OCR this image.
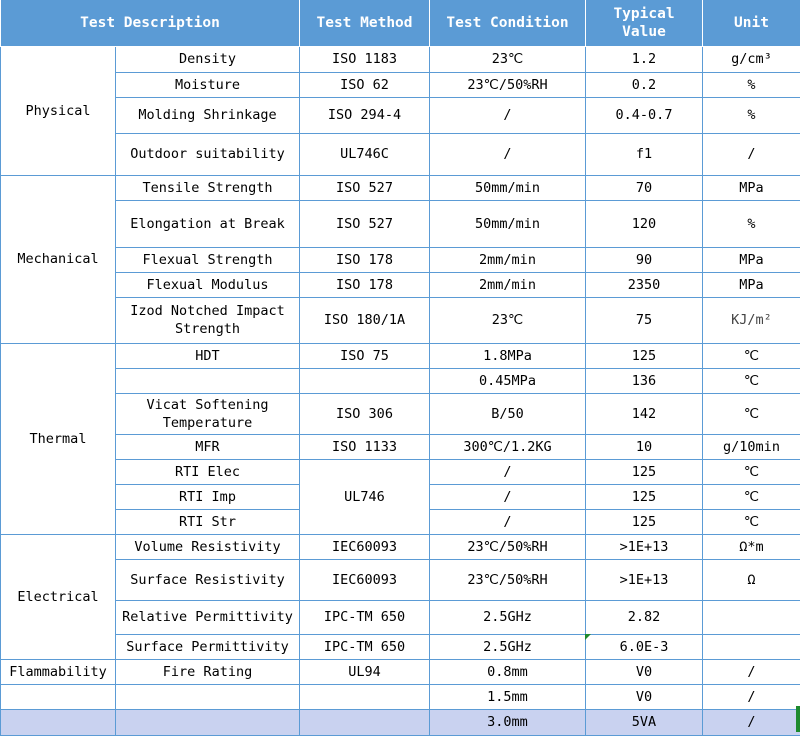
Test Description		Test Method	Test Condition	Typical Value	Unit
Physical	Density	ISO 1183	23℃	1.2	g/cm³
	Moisture	ISO 62	23℃/50%RH	0.2	%
	Molding Shrinkage	ISO 294-4	/	0.4-0.7	%
	Outdoor suitability	UL746C	/	f1	/
Mechanical	Tensile Strength	ISO 527	50mm/min	70	MPa
	Elongation at Break	ISO 527	50mm/min	120	%
	Flexual Strength	ISO 178	2mm/min	90	MPa
	Flexual Modulus	ISO 178	2mm/min	2350	MPa
	Izod Notched Impact Strength	ISO 180/1A	23℃	75	KJ/m²
Thermal	HDT	ISO 75	1.8MPa	125	℃
			0.45MPa	136	℃
	Vicat Softening Temperature	ISO 306	B/50	142	℃
	MFR	ISO 1133	300℃/1.2KG	10	g/10min
	RTI Elec	UL746	/	125	℃
	RTI Imp		/	125	℃
	RTI Str		/	125	℃
Electrical	Volume Resistivity	IEC60093	23℃/50%RH	>1E+13	Ω*m
	Surface Resistivity	IEC60093	23℃/50%RH	>1E+13	Ω
	Relative Permittivity	IPC-TM 650	2.5GHz	2.82	
	Surface Permittivity	IPC-TM 650	2.5GHz	6.0E-3	
Flammability	Fire Rating	UL94	0.8mm	V0	/
			1.5mm	V0	/
			3.0mm	5VA	/
